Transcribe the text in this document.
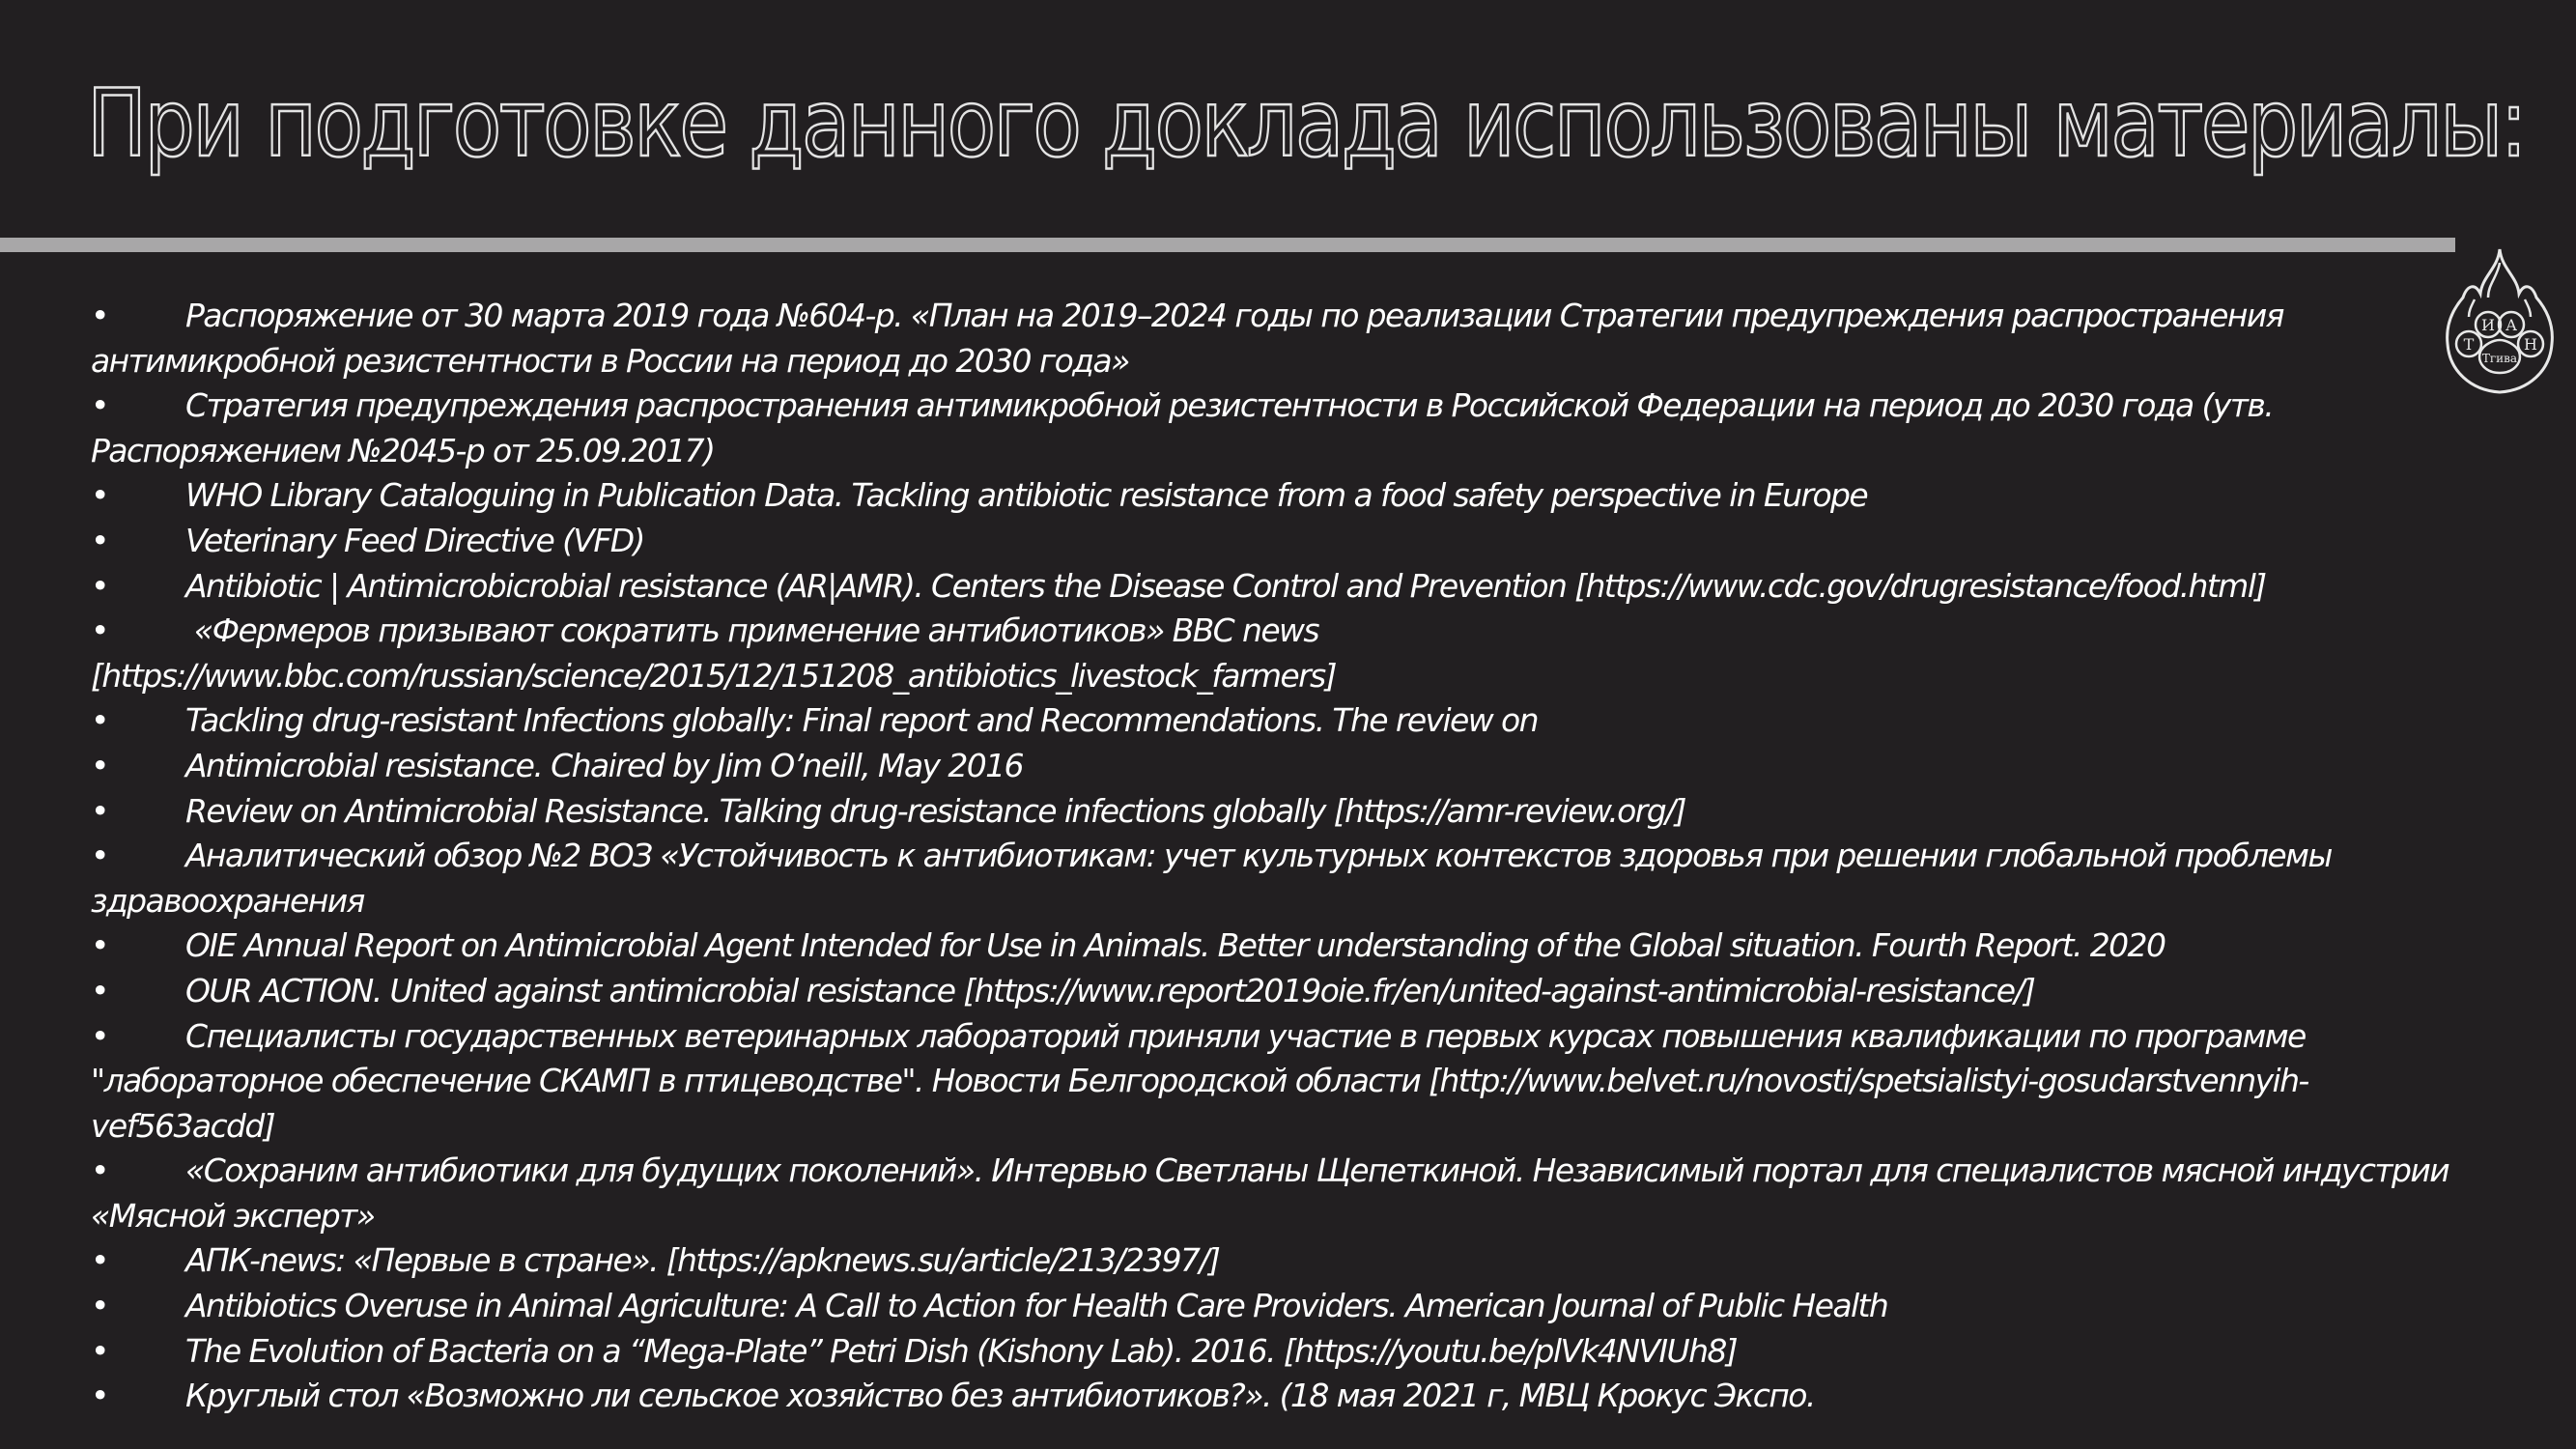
При подготовке данного доклада использованы материалы:
Т
И А
Н
Тгива
• Распоряжение от 30 марта 2019 года №604-р. «План на 2019–2024 годы по реализации Стратегии предупреждения распространения антимикробной резистентности в России на период до 2030 года»
• Стратегия предупреждения распространения антимикробной резистентности в Российской Федерации на период до 2030 года (утв. Распоряжением №2045-р от 25.09.2017)
• WHO Library Cataloguing in Publication Data. Tackling antibiotic resistance from a food safety perspective in Europe
• Veterinary Feed Directive (VFD)
• Antibiotic | Antimicrobicrobial resistance (AR|AMR). Centers the Disease Control and Prevention [https://www.cdc.gov/drugresistance/food.html]
• «Фермеров призывают сократить применение антибиотиков» BBC news [https://www.bbc.com/russian/science/2015/12/151208_antibiotics_livestock_farmers]
• Tackling drug-resistant Infections globally: Final report and Recommendations. The review on
• Antimicrobial resistance. Chaired by Jim O’neill, May 2016
• Review on Antimicrobial Resistance. Talking drug-resistance infections globally [https://amr-review.org/]
• Аналитический обзор №2 ВОЗ «Устойчивость к антибиотикам: учет культурных контекстов здоровья при решении глобальной проблемы здравоохранения
• OIE Annual Report on Antimicrobial Agent Intended for Use in Animals. Better understanding of the Global situation. Fourth Report. 2020
• OUR ACTION. United against antimicrobial resistance [https://www.report2019oie.fr/en/united-against-antimicrobial-resistance/]
• Специалисты государственных ветеринарных лабораторий приняли участие в первых курсах повышения квалификации по программе "лабораторное обеспечение СКАМП в птицеводстве". Новости Белгородской области [http://www.belvet.ru/novosti/spetsialistyi-gosudarstvennyih-vef563acdd]
• «Сохраним антибиотики для будущих поколений». Интервью Светланы Щепеткиной. Независимый портал для специалистов мясной индустрии «Мясной эксперт»
• АПК-news: «Первые в стране». [https://apknews.su/article/213/2397/]
• Antibiotics Overuse in Animal Agriculture: A Call to Action for Health Care Providers. American Journal of Public Health
• The Evolution of Bacteria on a “Mega-Plate” Petri Dish (Kishony Lab). 2016. [https://youtu.be/plVk4NVIUh8]
• Круглый стол «Возможно ли сельское хозяйство без антибиотиков?». (18 мая 2021 г, МВЦ Крокус Экспо.
